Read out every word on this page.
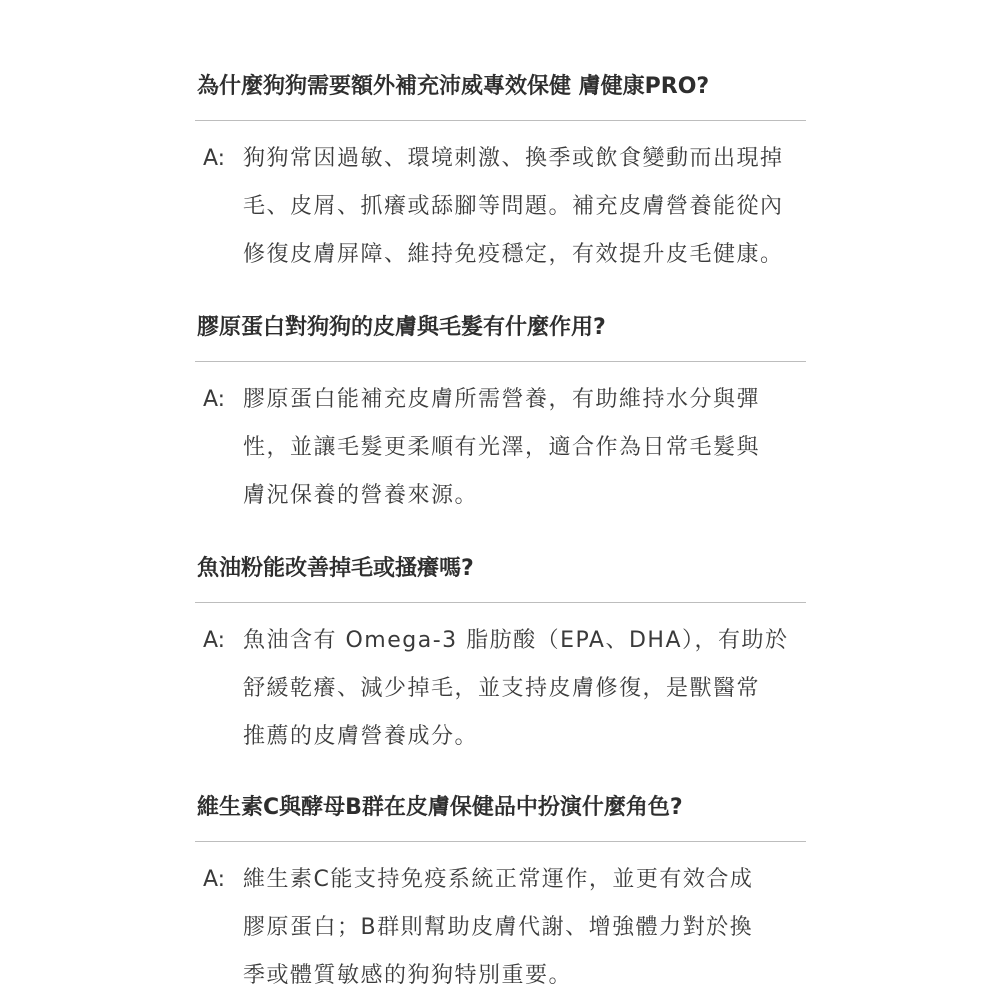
為什麼狗狗需要額外補充沛威專效保健 膚健康PRO?
A: 狗狗常因過敏、環境刺激、換季或飲食變動而出現掉
毛、皮屑、抓癢或舔腳等問題。補充皮膚營養能從內
修復皮膚屏障、維持免疫穩定，有效提升皮毛健康。
膠原蛋白對狗狗的皮膚與毛髮有什麼作用?
A: 膠原蛋白能補充皮膚所需營養，有助維持水分與彈
性，並讓毛髮更柔順有光澤，適合作為日常毛髮與
膚況保養的營養來源。
魚油粉能改善掉毛或搔癢嗎?
A: 魚油含有 Omega-3 脂肪酸（EPA、DHA），有助於
舒緩乾癢、減少掉毛，並支持皮膚修復，是獸醫常
推薦的皮膚營養成分。
維生素C與酵母B群在皮膚保健品中扮演什麼角色?
A: 維生素C能支持免疫系統正常運作，並更有效合成
膠原蛋白；B群則幫助皮膚代謝、增強體力對於換
季或體質敏感的狗狗特別重要。
